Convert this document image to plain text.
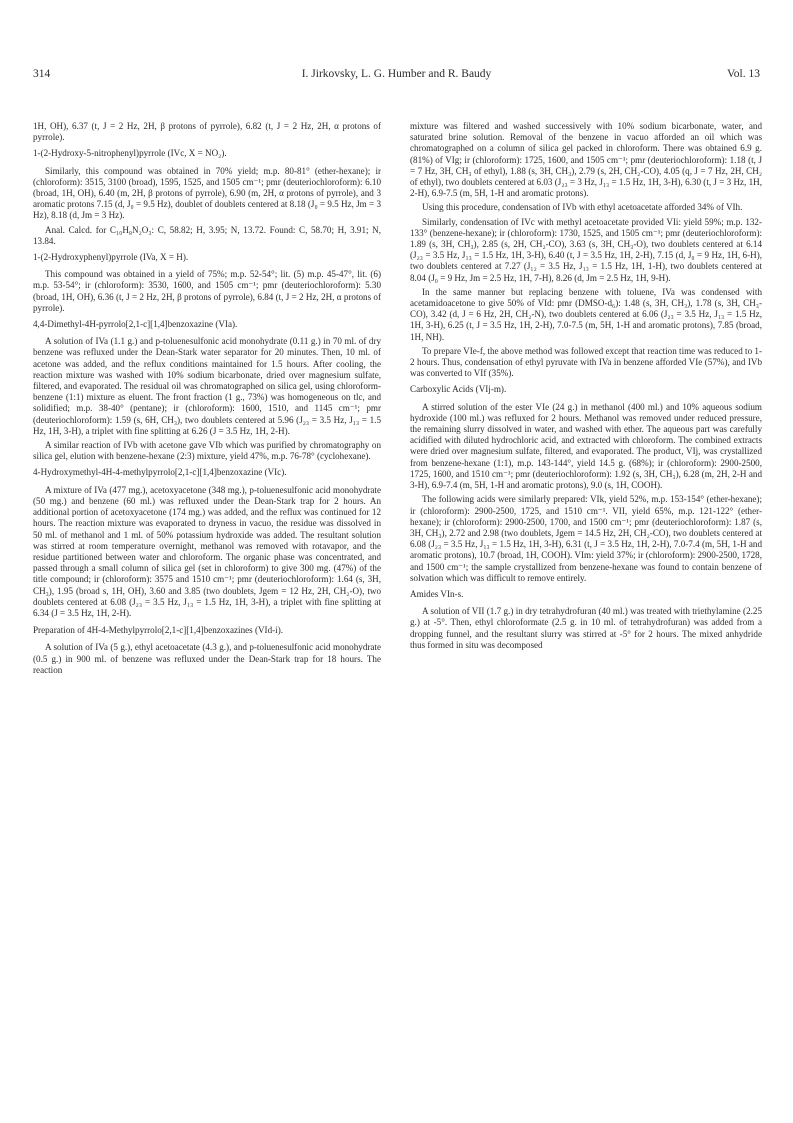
314	I. Jirkovsky, L. G. Humber and R. Baudy	Vol. 13

1H, OH), 6.37 (t, J = 2 Hz, 2H, β protons of pyrrole), 6.82 (t, J = 2 Hz, 2H, α protons of pyrrole).

1-(2-Hydroxy-5-nitrophenyl)pyrrole (IVc, X = NO₂).

Similarly, this compound was obtained in 70% yield; m.p. 80-81° (ether-hexane); ir (chloroform): 3515, 3100 (broad), 1595, 1525, and 1505 cm⁻¹; pmr (deuteriochloroform): 6.10 (broad, 1H, OH), 6.40 (m, 2H, β protons of pyrrole), 6.90 (m, 2H, α protons of pyrrole), and 3 aromatic protons 7.15 (d, J₀ = 9.5 Hz), doublet of doublets centered at 8.18 (J₀ = 9.5 Hz, Jm = 3 Hz), 8.18 (d, Jm = 3 Hz).

Anal. Calcd. for C₁₀H₈N₂O₃: C, 58.82; H, 3.95; N, 13.72. Found: C, 58.70; H, 3.91; N, 13.84.

1-(2-Hydroxyphenyl)pyrrole (IVa, X = H).

This compound was obtained in a yield of 75%; m.p. 52-54°; lit. (5) m.p. 45-47°, lit. (6) m.p. 53-54°; ir (chloroform): 3530, 1600, and 1505 cm⁻¹; pmr (deuteriochloroform): 5.30 (broad, 1H, OH), 6.36 (t, J = 2 Hz, 2H, β protons of pyrrole), 6.84 (t, J = 2 Hz, 2H, α protons of pyrrole).

4,4-Dimethyl-4H-pyrrolo[2,1-c][1,4]benzoxazine (VIa).

A solution of IVa (1.1 g.) and p-toluenesulfonic acid monohydrate (0.11 g.) in 70 ml. of dry benzene was refluxed under the Dean-Stark water separator for 20 minutes. Then, 10 ml. of acetone was added, and the reflux conditions maintained for 1.5 hours. After cooling, the reaction mixture was washed with 10% sodium bicarbonate, dried over magnesium sulfate, filtered, and evaporated. The residual oil was chromatographed on silica gel, using chloroform-benzene (1:1) mixture as eluent. The front fraction (1 g., 73%) was homogeneous on tlc, and solidified; m.p. 38-40° (pentane); ir (chloroform): 1600, 1510, and 1145 cm⁻¹; pmr (deuteriochloroform): 1.59 (s, 6H, CH₃), two doublets centered at 5.96 (J₂₃ = 3.5 Hz, J₁₃ = 1.5 Hz, 1H, 3-H), a triplet with fine splitting at 6.26 (J = 3.5 Hz, 1H, 2-H).

A similar reaction of IVb with acetone gave VIb which was purified by chromatography on silica gel, elution with benzene-hexane (2:3) mixture, yield 47%, m.p. 76-78° (cyclohexane).

4-Hydroxymethyl-4H-4-methylpyrrolo[2,1-c][1,4]benzoxazine (VIc).

A mixture of IVa (477 mg.), acetoxyacetone (348 mg.), p-toluenesulfonic acid monohydrate (50 mg.) and benzene (60 ml.) was refluxed under the Dean-Stark trap for 2 hours. An additional portion of acetoxyacetone (174 mg.) was added, and the reflux was continued for 12 hours. The reaction mixture was evaporated to dryness in vacuo, the residue was dissolved in 50 ml. of methanol and 1 ml. of 50% potassium hydroxide was added. The resultant solution was stirred at room temperature overnight, methanol was removed with rotavapor, and the residue partitioned between water and chloroform. The organic phase was concentrated, and passed through a small column of silica gel (set in chloroform) to give 300 mg. (47%) of the title compound; ir (chloroform): 3575 and 1510 cm⁻¹; pmr (deuteriochloroform): 1.64 (s, 3H, CH₃), 1.95 (broad s, 1H, OH), 3.60 and 3.85 (two doublets, Jgem = 12 Hz, 2H, CH₂-O), two doublets centered at 6.08 (J₂₃ = 3.5 Hz, J₁₃ = 1.5 Hz, 1H, 3-H), a triplet with fine splitting at 6.34 (J = 3.5 Hz, 1H, 2-H).

Preparation of 4H-4-Methylpyrrolo[2,1-c][1,4]benzoxazines (VId-i).

A solution of IVa (5 g.), ethyl acetoacetate (4.3 g.), and p-toluenesulfonic acid monohydrate (0.5 g.) in 900 ml. of benzene was refluxed under the Dean-Stark trap for 18 hours. The reaction

mixture was filtered and washed successively with 10% sodium bicarbonate, water, and saturated brine solution. Removal of the benzene in vacuo afforded an oil which was chromatographed on a column of silica gel packed in chloroform. There was obtained 6.9 g. (81%) of VIg; ir (chloroform): 1725, 1600, and 1505 cm⁻¹; pmr (deuteriochloroform): 1.18 (t, J = 7 Hz, 3H, CH₃ of ethyl), 1.88 (s, 3H, CH₃), 2.79 (s, 2H, CH₂-CO), 4.05 (q, J = 7 Hz, 2H, CH₂ of ethyl), two doublets centered at 6.03 (J₂₃ = 3 Hz, J₁₃ = 1.5 Hz, 1H, 3-H), 6.30 (t, J = 3 Hz, 1H, 2-H), 6.9-7.5 (m, 5H, 1-H and aromatic protons).

Using this procedure, condensation of IVb with ethyl acetoacetate afforded 34% of VIh.

Similarly, condensation of IVc with methyl acetoacetate provided VIi: yield 59%; m.p. 132-133° (benzene-hexane); ir (chloroform): 1730, 1525, and 1505 cm⁻¹; pmr (deuteriochloroform): 1.89 (s, 3H, CH₃), 2.85 (s, 2H, CH₂-CO), 3.63 (s, 3H, CH₃-O), two doublets centered at 6.14 (J₂₃ = 3.5 Hz, J₁₃ = 1.5 Hz, 1H, 3-H), 6.40 (t, J = 3.5 Hz, 1H, 2-H), 7.15 (d, J₀ = 9 Hz, 1H, 6-H), two doublets centered at 7.27 (J₁₂ = 3.5 Hz, J₁₃ = 1.5 Hz, 1H, 1-H), two doublets centered at 8.04 (J₀ = 9 Hz, Jm = 2.5 Hz, 1H, 7-H), 8.26 (d, Jm = 2.5 Hz, 1H, 9-H).

In the same manner but replacing benzene with toluene, IVa was condensed with acetamidoacetone to give 50% of VId: pmr (DMSO-d₆): 1.48 (s, 3H, CH₃), 1.78 (s, 3H, CH₃-CO), 3.42 (d, J = 6 Hz, 2H, CH₂-N), two doublets centered at 6.06 (J₂₃ = 3.5 Hz, J₁₃ = 1.5 Hz, 1H, 3-H), 6.25 (t, J = 3.5 Hz, 1H, 2-H), 7.0-7.5 (m, 5H, 1-H and aromatic protons), 7.85 (broad, 1H, NH).

To prepare VIe-f, the above method was followed except that reaction time was reduced to 1-2 hours. Thus, condensation of ethyl pyruvate with IVa in benzene afforded VIe (57%), and IVb was converted to VIf (35%).

Carboxylic Acids (VIj-m).

A stirred solution of the ester VIe (24 g.) in methanol (400 ml.) and 10% aqueous sodium hydroxide (100 ml.) was refluxed for 2 hours. Methanol was removed under reduced pressure, the remaining slurry dissolved in water, and washed with ether. The aqueous part was carefully acidified with diluted hydrochloric acid, and extracted with chloroform. The combined extracts were dried over magnesium sulfate, filtered, and evaporated. The product, VIj, was crystallized from benzene-hexane (1:1), m.p. 143-144°, yield 14.5 g. (68%); ir (chloroform): 2900-2500, 1725, 1600, and 1510 cm⁻¹; pmr (deuteriochloroform): 1.92 (s, 3H, CH₃), 6.28 (m, 2H, 2-H and 3-H), 6.9-7.4 (m, 5H, 1-H and aromatic protons), 9.0 (s, 1H, COOH).

The following acids were similarly prepared: VIk, yield 52%, m.p. 153-154° (ether-hexane); ir (chloroform): 2900-2500, 1725, and 1510 cm⁻¹. VII, yield 65%, m.p. 121-122° (ether-hexane); ir (chloroform): 2900-2500, 1700, and 1500 cm⁻¹; pmr (deuteriochloroform): 1.87 (s, 3H, CH₃), 2.72 and 2.98 (two doublets, Jgem = 14.5 Hz, 2H, CH₂-CO), two doublets centered at 6.08 (J₂₃ = 3.5 Hz, J₁₃ = 1.5 Hz, 1H, 3-H), 6.31 (t, J = 3.5 Hz, 1H, 2-H), 7.0-7.4 (m, 5H, 1-H and aromatic protons), 10.7 (broad, 1H, COOH). VIm: yield 37%; ir (chloroform): 2900-2500, 1728, and 1500 cm⁻¹; the sample crystallized from benzene-hexane was found to contain benzene of solvation which was difficult to remove entirely.

Amides VIn-s.

A solution of VII (1.7 g.) in dry tetrahydrofuran (40 ml.) was treated with triethylamine (2.25 g.) at -5°. Then, ethyl chloroformate (2.5 g. in 10 ml. of tetrahydrofuran) was added from a dropping funnel, and the resultant slurry was stirred at -5° for 2 hours. The mixed anhydride thus formed in situ was decomposed
